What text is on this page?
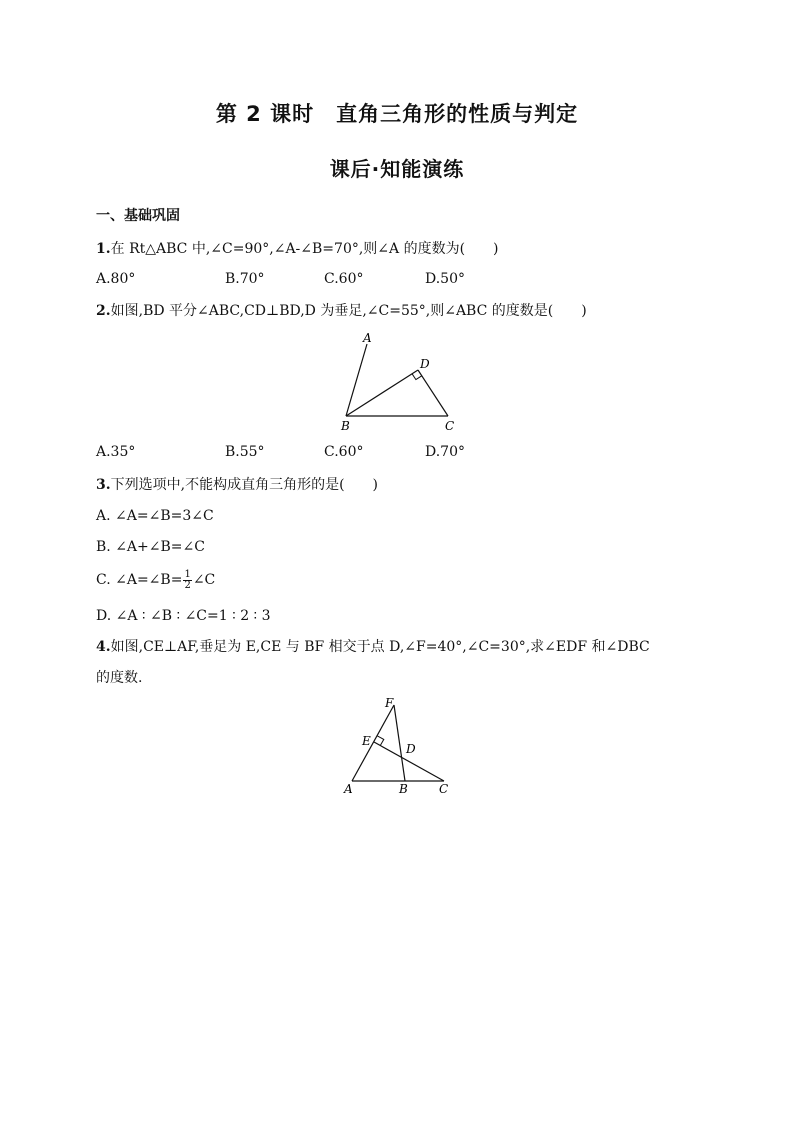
第 2 课时　直角三角形的性质与判定
课后·知能演练
一、基础巩固
1.在 Rt△ABC 中,∠C=90°,∠A-∠B=70°,则∠A 的度数为(　　)
A.80°	B.70°	C.60°	D.50°
2.如图,BD 平分∠ABC,CD⊥BD,D 为垂足,∠C=55°,则∠ABC 的度数是(　　)
A
D
B	C
A.35°	B.55°	C.60°	D.70°
3.下列选项中,不能构成直角三角形的是(　　)
A. ∠A=∠B=3∠C
B. ∠A+∠B=∠C
C. ∠A=∠B= $\frac{1}{2}$ ∠C
D. ∠A ∶ ∠B ∶ ∠C=1 ∶ 2 ∶ 3
4.如图,CE⊥AF,垂足为 E,CE 与 BF 相交于点 D,∠F=40°,∠C=30°,求∠EDF 和∠DBC
的度数.
F
E
D
A	B	C
